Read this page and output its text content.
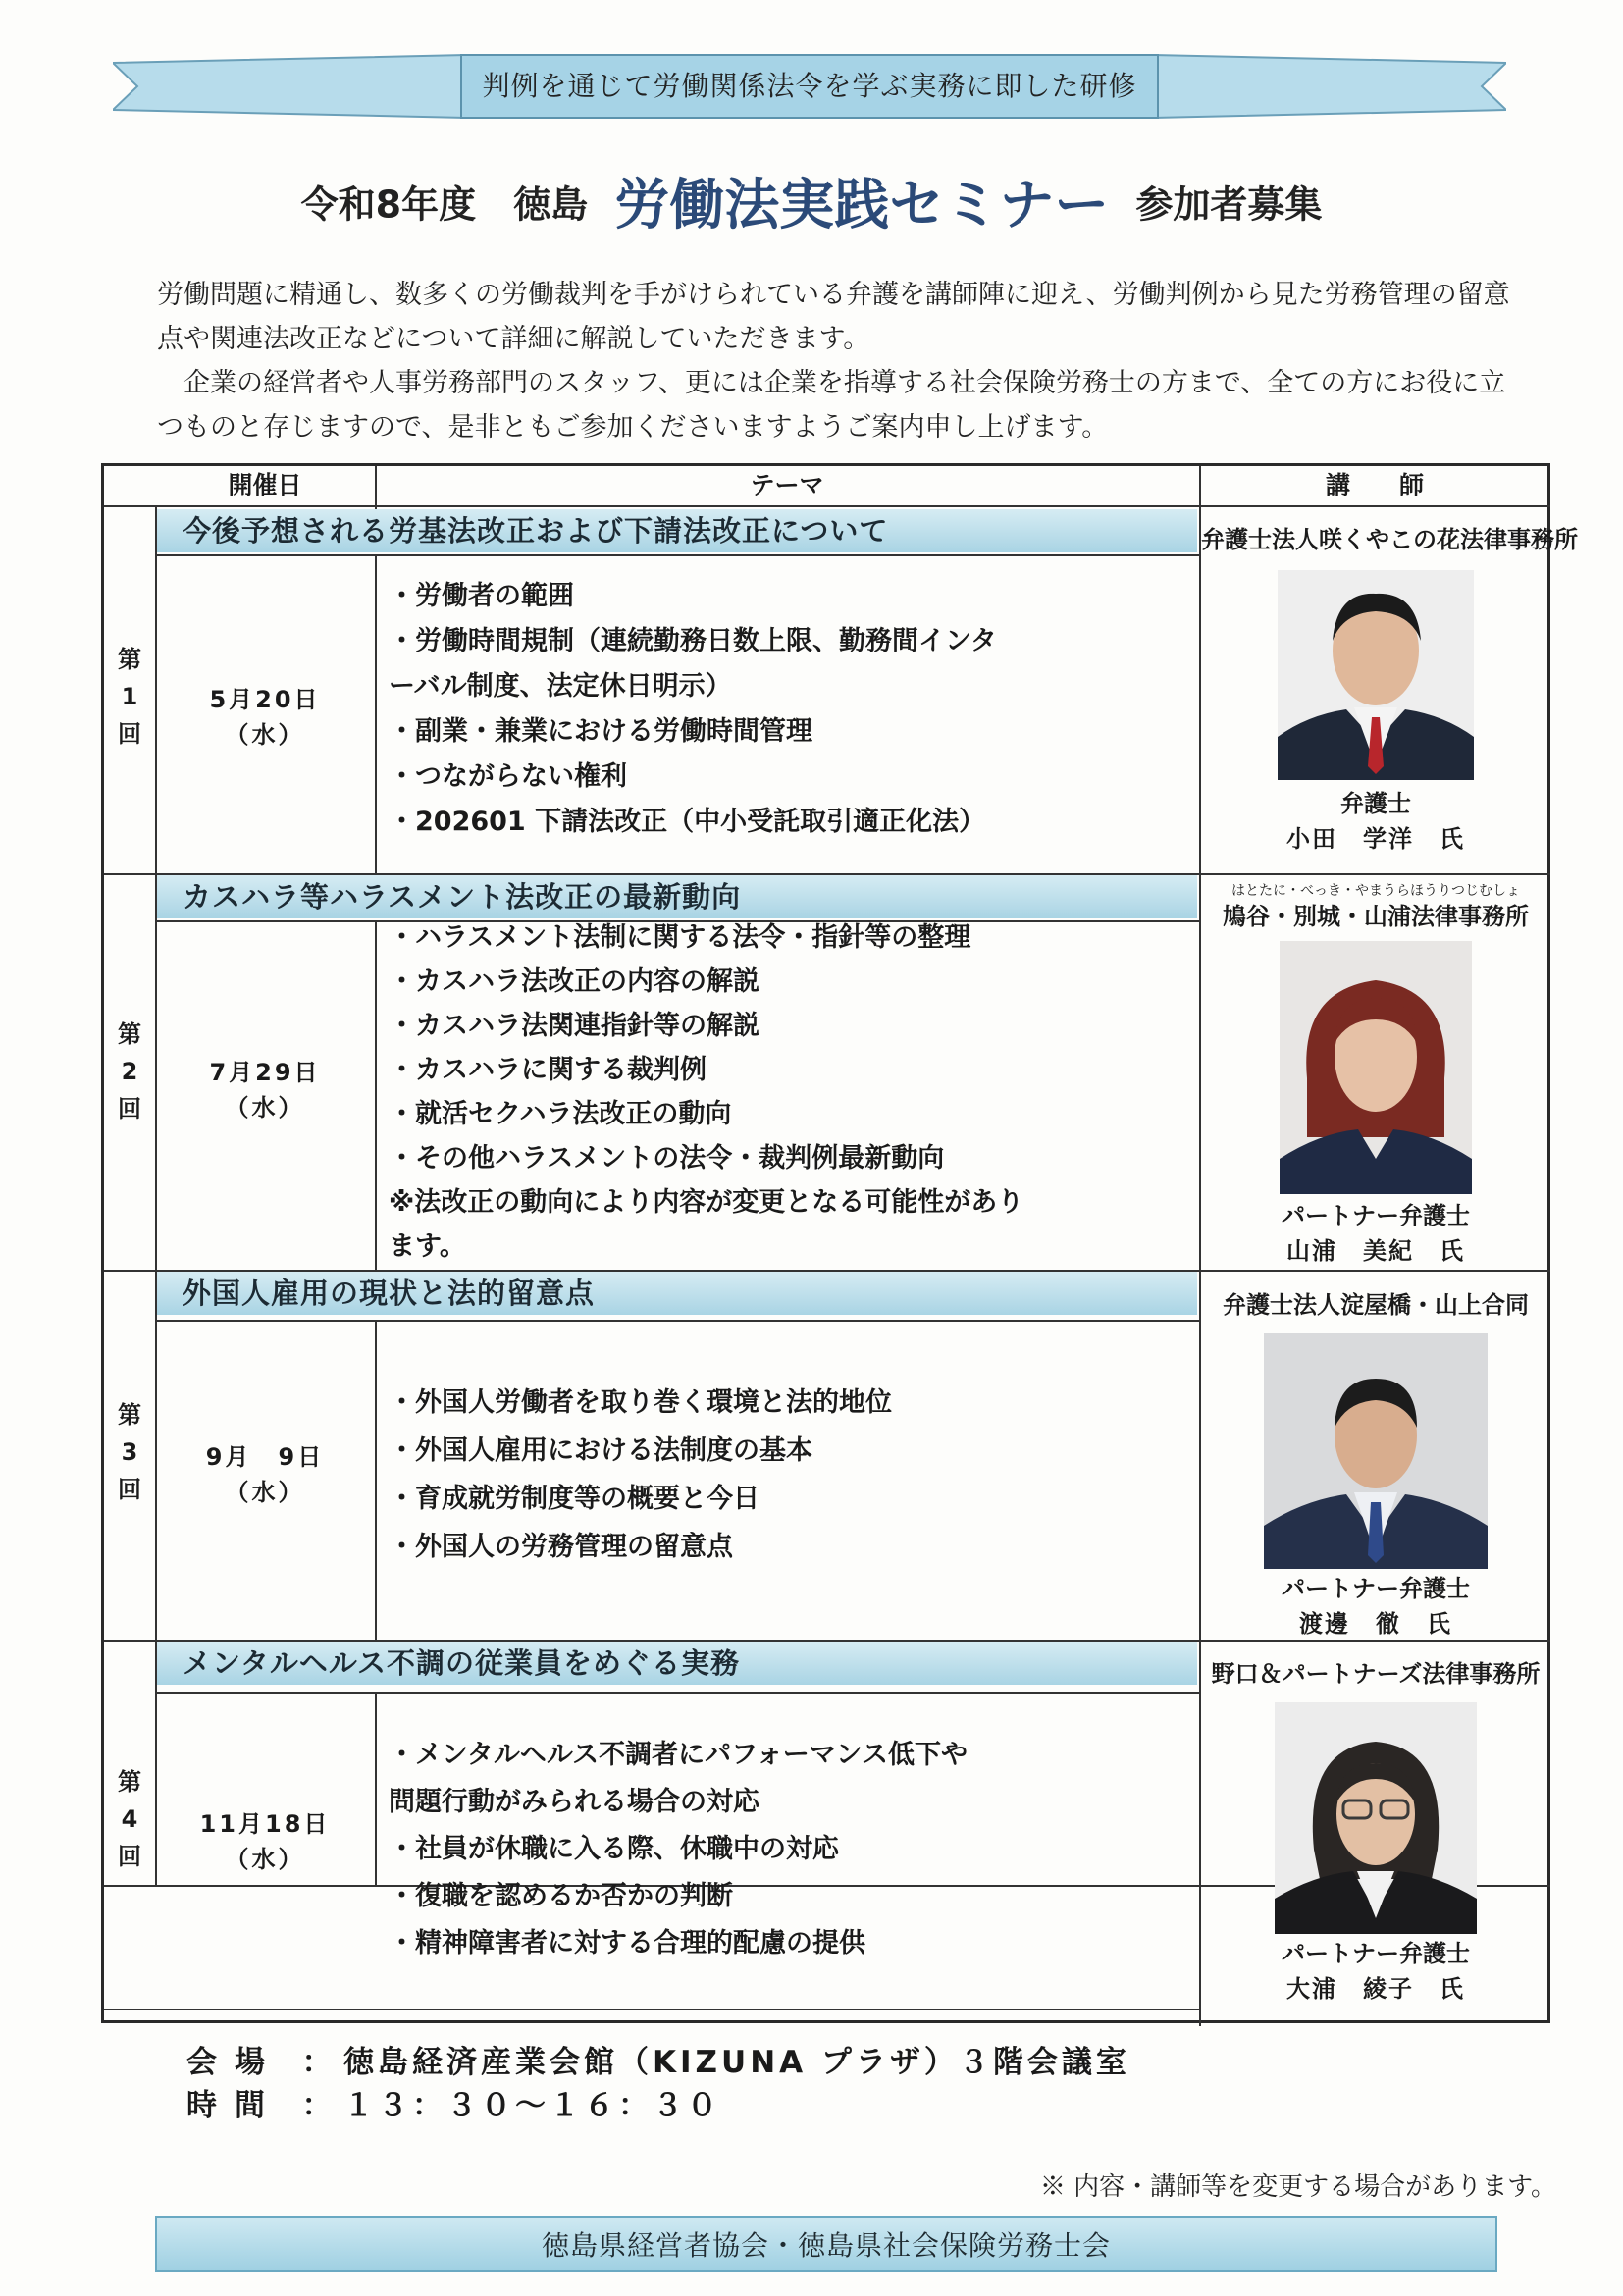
判例を通じて労働関係法令を学ぶ実務に即した研修
令和8年度　徳島 労働法実践セミナー 参加者募集

労働問題に精通し、数多くの労働裁判を手がけられている弁護を講師陣に迎え、労働判例から見た労務管理の留意点や関連法改正などについて詳細に解説していただきます。

企業の経営者や人事労務部門のスタッフ、更には企業を指導する社会保険労務士の方まで、全ての方にお役に立つものと存じますので、是非ともご参加くださいますようご案内申し上げます。

開催日	テーマ	講　　師
今後予想される労基法改正および下請法改正について
第
1
回
5月20日
（水）
・労働者の範囲
・労働時間規制（連続勤務日数上限、勤務間インタ
ーバル制度、法定休日明示）
・副業・兼業における労働時間管理
・つながらない権利
・202601 下請法改正（中小受託取引適正化法）
弁護士法人咲くやこの花法律事務所
弁護士
小田　学洋　氏
カスハラ等ハラスメント法改正の最新動向
第
2
回
7月29日
（水）
・ハラスメント法制に関する法令・指針等の整理
・カスハラ法改正の内容の解説
・カスハラ法関連指針等の解説
・カスハラに関する裁判例
・就活セクハラ法改正の動向
・その他ハラスメントの法令・裁判例最新動向
※法改正の動向により内容が変更となる可能性があり
ます。
はとたに・べっき・やまうらほうりつじむしょ
鳩谷・別城・山浦法律事務所
パートナー弁護士
山浦　美紀　氏
外国人雇用の現状と法的留意点
第
3
回
9月　9日
（水）
・外国人労働者を取り巻く環境と法的地位
・外国人雇用における法制度の基本
・育成就労制度等の概要と今日
・外国人の労務管理の留意点
弁護士法人淀屋橋・山上合同
パートナー弁護士
渡邊　徹　氏
メンタルヘルス不調の従業員をめぐる実務
第
4
回
11月18日
（水）
・メンタルヘルス不調者にパフォーマンス低下や
問題行動がみられる場合の対応
・社員が休職に入る際、休職中の対応
・復職を認めるか否かの判断
・精神障害者に対する合理的配慮の提供
野口＆パートナーズ法律事務所
パートナー弁護士
大浦　綾子　氏
会場 ： 徳島経済産業会館（KIZUNA プラザ）３階会議室
時間 ： １３：３０～１６：３０
※ 内容・講師等を変更する場合があります。
徳島県経営者協会・徳島県社会保険労務士会
